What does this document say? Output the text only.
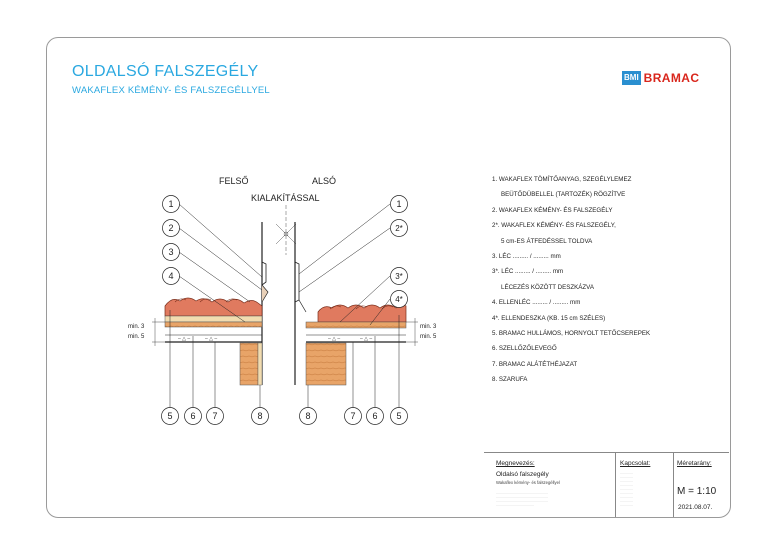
OLDALSÓ FALSZEGÉLY
WAKAFLEX KÉMÉNY- ÉS FALSZEGÉLLYEL
BMI BRAMAC
FELSŐ	ALSÓ
KIALAKÍTÁSSAL
– △ –	– △ –	– △ –	– △ –
min. 3
min. 5
min. 3
min. 5
1
2
3
4
1
2*
3*
4*
5 6 7	8	8	7 6 5
1. WAKAFLEX TÖMÍTŐANYAG, SZEGÉLYLEMEZ
BEÜTŐDÜBELLEL (TARTOZÉK) RÖGZÍTVE
2. WAKAFLEX KÉMÉNY- ÉS FALSZEGÉLY
2*. WAKAFLEX KÉMÉNY- ÉS FALSZEGÉLY,
5 cm-ES ÁTFEDÉSSEL TOLDVA
3. LÉC ......... / ......... mm
3*. LÉC ......... / ......... mm
LÉCEZÉS KÖZÖTT DESZKÁZVA
4. ELLENLÉC ......... / ......... mm
4*. ELLENDESZKA (KB. 15 cm SZÉLES)
5. BRAMAC HULLÁMOS, HORNYOLT TETŐCSEREPEK
6. SZELLŐZŐLEVEGŐ
7. BRAMAC ALÁTÉTHÉJAZAT
8. SZARUFA
Megnevezés:
Oldalsó falszegély
Wakaflex kémény- és falszegéllyel
····················································
····················································
····················································
······································
Kapcsolat:
·············
·············
·············
·············
·············
·············
·············
·············
·············
Méretarány:
M = 1:10
2021.08.07.
